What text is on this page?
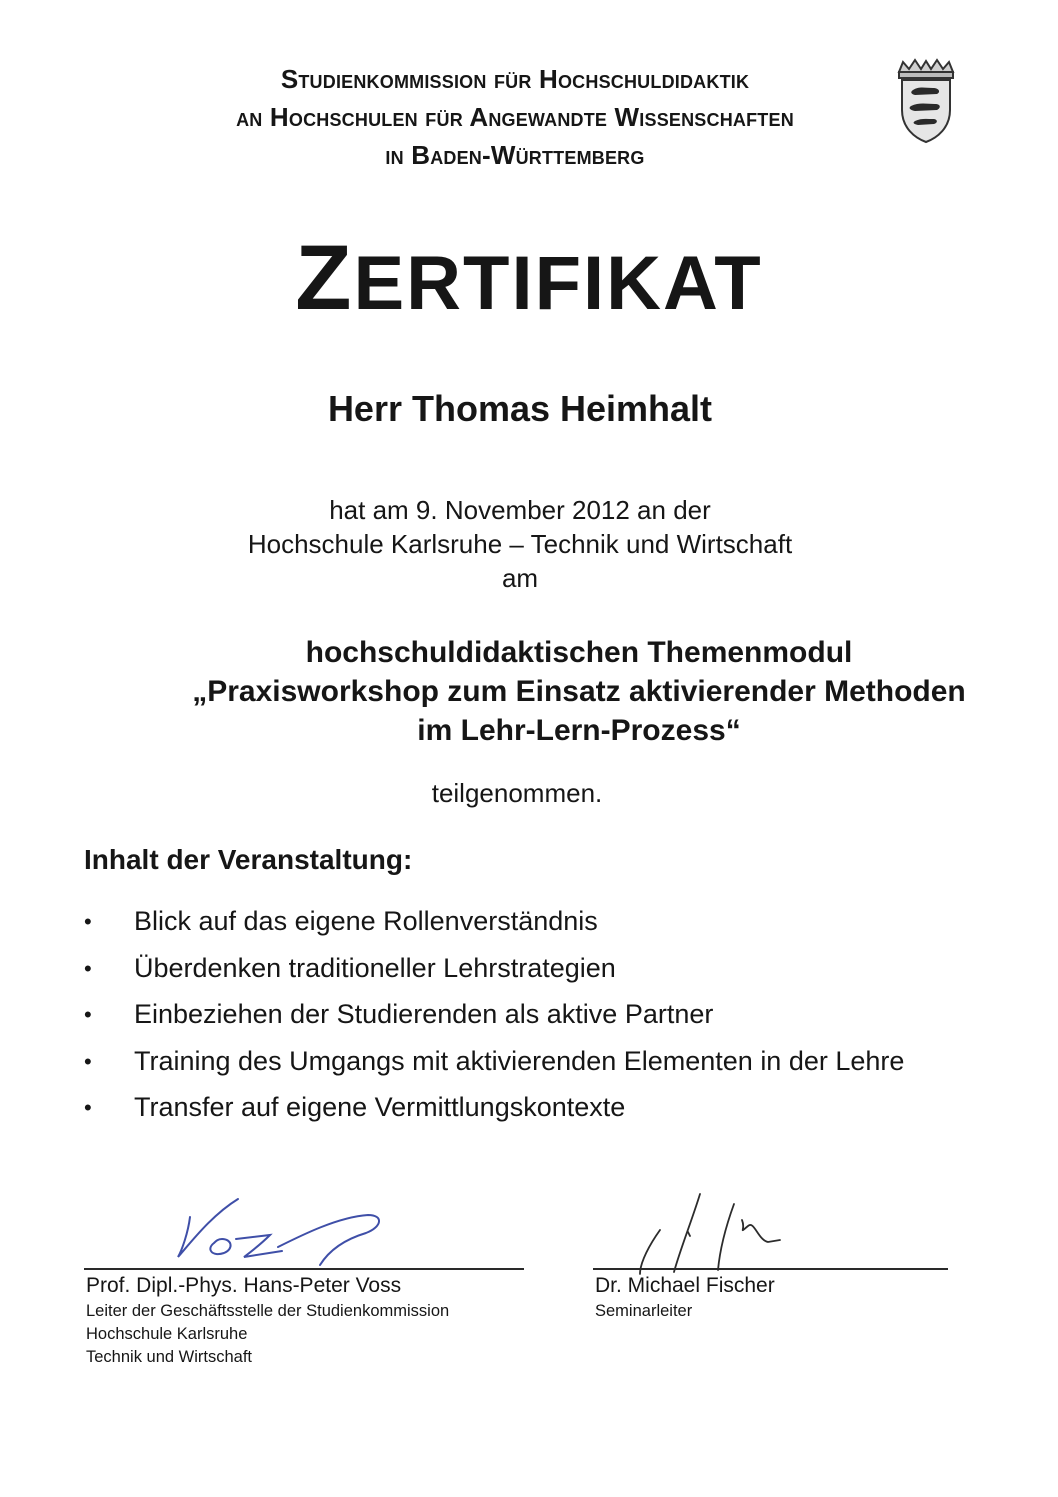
Studienkommission für Hochschuldidaktik
an Hochschulen für Angewandte Wissenschaften
in Baden-Württemberg
ZERTIFIKAT
Herr Thomas Heimhalt
hat am 9. November 2012 an der
Hochschule Karlsruhe – Technik und Wirtschaft
am
hochschuldidaktischen Themenmodul
„Praxisworkshop zum Einsatz aktivierender Methoden
im Lehr-Lern-Prozess“
teilgenommen.
Inhalt der Veranstaltung:
•	Blick auf das eigene Rollenverständnis
•	Überdenken traditioneller Lehrstrategien
•	Einbeziehen der Studierenden als aktive Partner
•	Training des Umgangs mit aktivierenden Elementen in der Lehre
•	Transfer auf eigene Vermittlungskontexte
Prof. Dipl.-Phys. Hans-Peter Voss
Leiter der Geschäftsstelle der Studienkommission
Hochschule Karlsruhe
Technik und Wirtschaft
Dr. Michael Fischer
Seminarleiter
